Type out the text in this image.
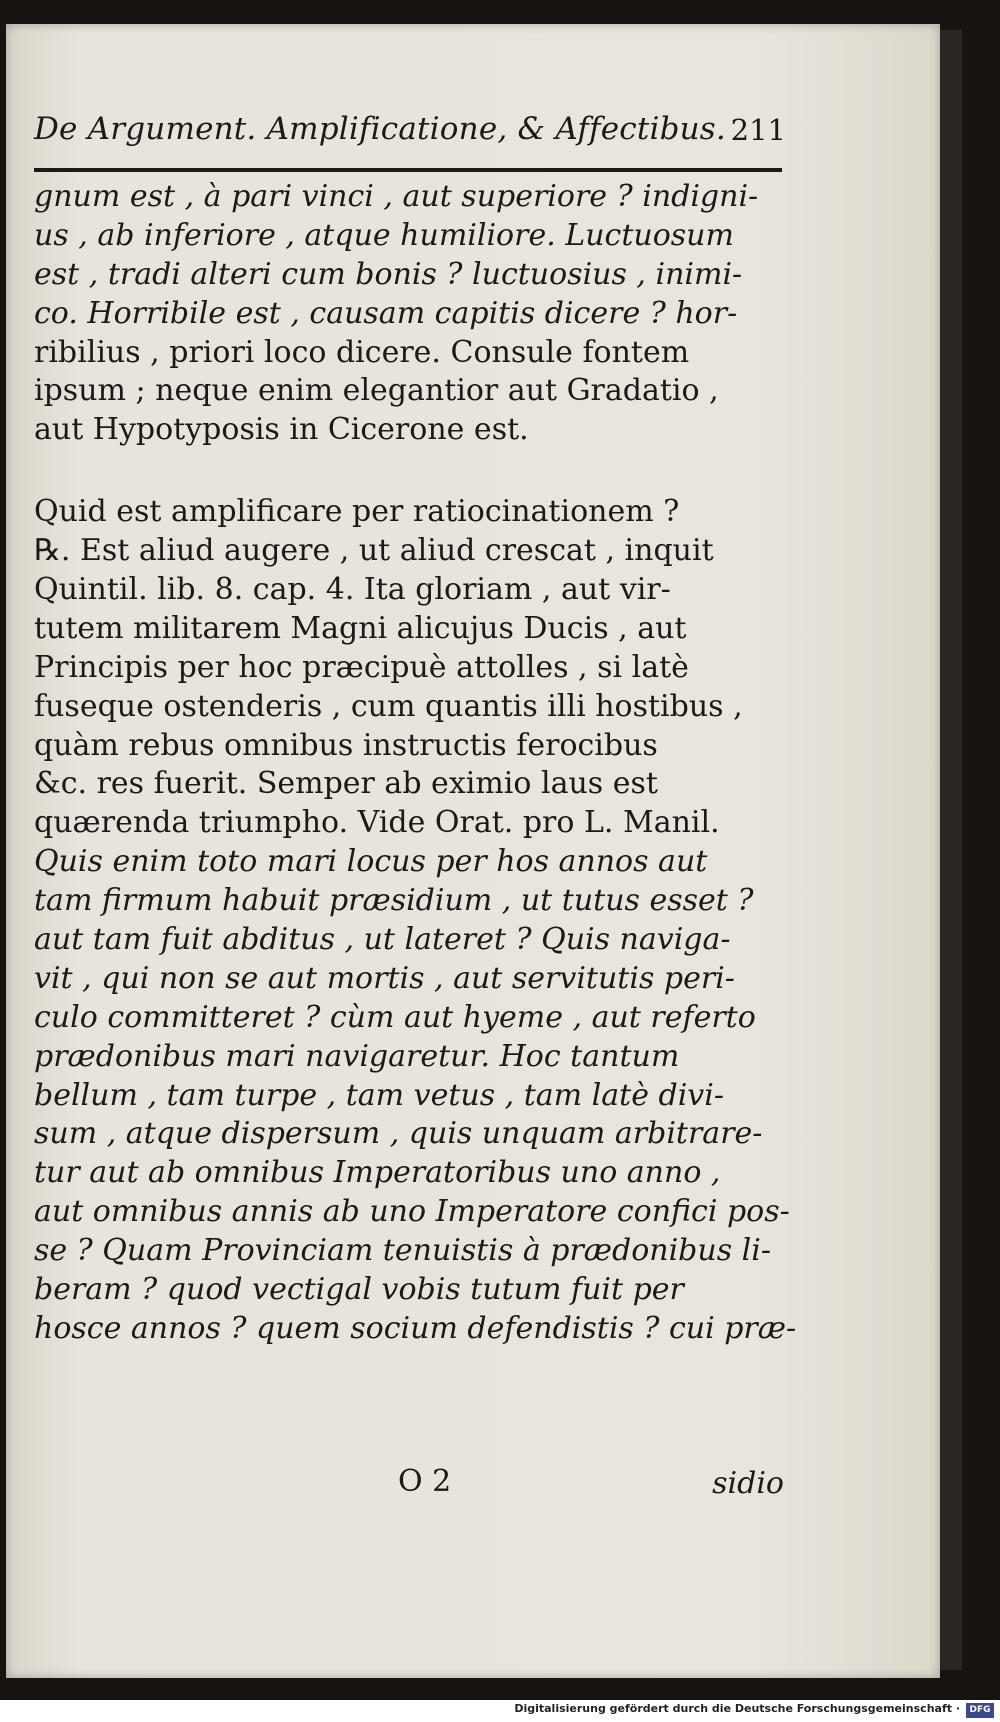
De Argument. Amplificatione, & Affectibus. 211
gnum est , à pari vinci , aut superiore ? indigni-
us , ab inferiore , atque humiliore. Luctuosum
est , tradi alteri cum bonis ? luctuosius , inimi-
co. Horribile est , causam capitis dicere ? hor-
ribilius , priori loco dicere. Consule fontem
ipsum ; neque enim elegantior aut Gradatio ,
aut Hypotyposis in Cicerone est.
Quid est amplificare per ratiocinationem ?
℞. Est aliud augere , ut aliud crescat , inquit
Quintil. lib. 8. cap. 4. Ita gloriam , aut vir-
tutem militarem Magni alicujus Ducis , aut
Principis per hoc præcipuè attolles , si latè
fuseque ostenderis , cum quantis illi hostibus ,
quàm rebus omnibus instructis ferocibus
&c. res fuerit. Semper ab eximio laus est
quærenda triumpho. Vide Orat. pro L. Manil.
Quis enim toto mari locus per hos annos aut
tam firmum habuit præsidium , ut tutus esset ?
aut tam fuit abditus , ut lateret ? Quis naviga-
vit , qui non se aut mortis , aut servitutis peri-
culo committeret ? cùm aut hyeme , aut referto
prædonibus mari navigaretur. Hoc tantum
bellum , tam turpe , tam vetus , tam latè divi-
sum , atque dispersum , quis unquam arbitrare-
tur aut ab omnibus Imperatoribus uno anno ,
aut omnibus annis ab uno Imperatore confici pos-
se ? Quam Provinciam tenuistis à prædonibus li-
beram ? quod vectigal vobis tutum fuit per
hosce annos ? quem socium defendistis ? cui præ-
O 2	sidio
Digitalisierung gefördert durch die Deutsche Forschungsgemeinschaft ·	DFG
